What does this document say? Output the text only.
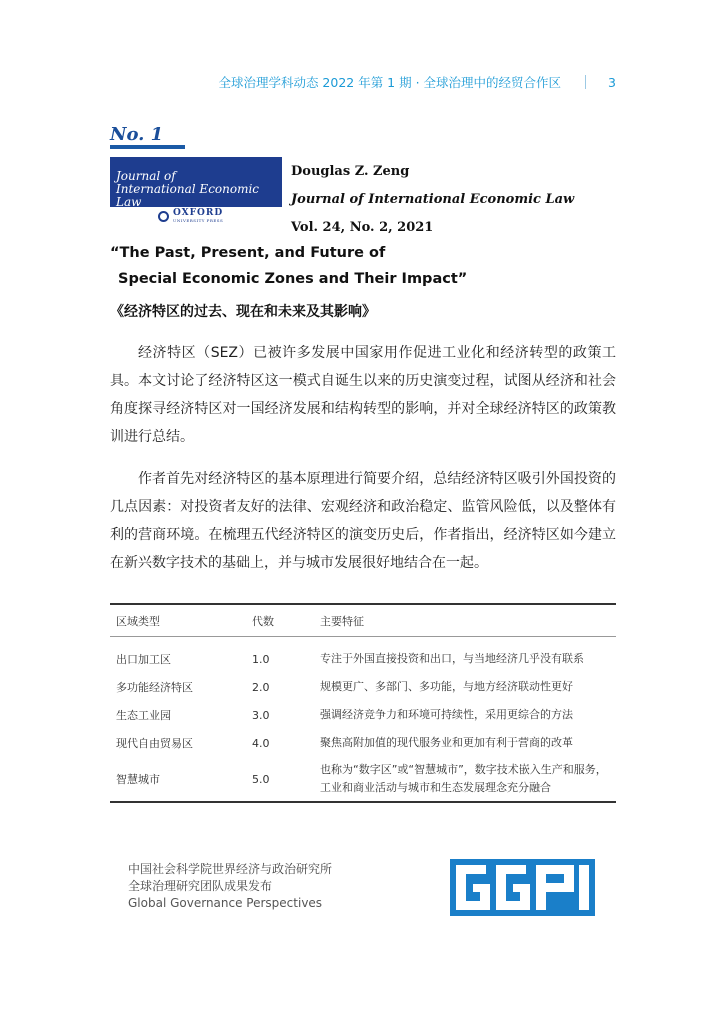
全球治理学科动态 2022 年第 1 期 · 全球治理中的经贸合作区	3
No. 1
Journal of
International Economic Law
OXFORD
UNIVERSITY PRESS
Douglas Z. Zeng
Journal of International Economic Law
Vol. 24, No. 2, 2021
“The Past, Present, and Future of
Special Economic Zones and Their Impact”
《经济特区的过去、现在和未来及其影响》

经济特区（SEZ）已被许多发展中国家用作促进工业化和经济转型的政策工具。本文讨论了经济特区这一模式自诞生以来的历史演变过程，试图从经济和社会角度探寻经济特区对一国经济发展和结构转型的影响，并对全球经济特区的政策教训进行总结。

作者首先对经济特区的基本原理进行简要介绍，总结经济特区吸引外国投资的几点因素：对投资者友好的法律、宏观经济和政治稳定、监管风险低，以及整体有利的营商环境。在梳理五代经济特区的演变历史后，作者指出，经济特区如今建立在新兴数字技术的基础上，并与城市发展很好地结合在一起。

区域类型	代数	主要特征
出口加工区	1.0	专注于外国直接投资和出口，与当地经济几乎没有联系
多功能经济特区	2.0	规模更广、多部门、多功能，与地方经济联动性更好
生态工业园	3.0	强调经济竞争力和环境可持续性，采用更综合的方法
现代自由贸易区	4.0	聚焦高附加值的现代服务业和更加有利于营商的改革
智慧城市	5.0	也称为“数字区”或“智慧城市”，数字技术嵌入生产和服务，工业和商业活动与城市和生态发展理念充分融合
中国社会科学院世界经济与政治研究所
全球治理研究团队成果发布
Global Governance Perspectives
